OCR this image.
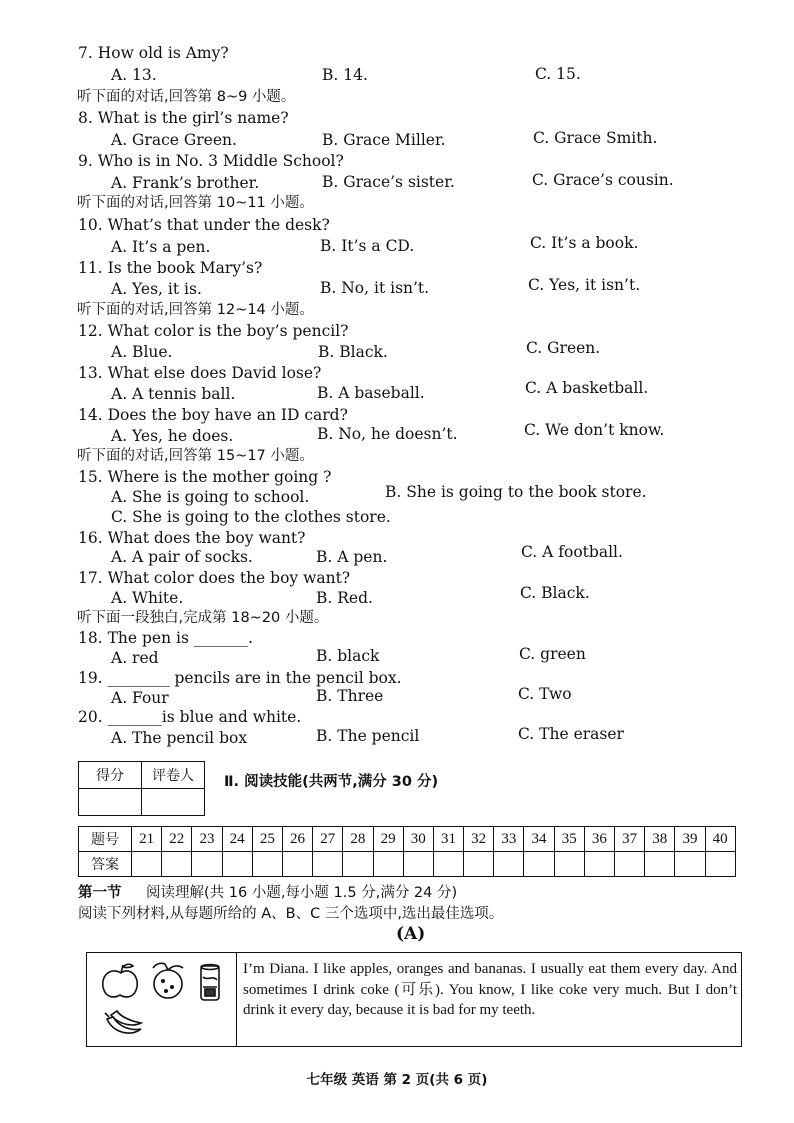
7. How old is Amy?
A. 13.	B. 14.	C. 15.
听下面的对话,回答第 8~9 小题。
8. What is the girl’s name?
A. Grace Green.	B. Grace Miller.	C. Grace Smith.
9. Who is in No. 3 Middle School?
A. Frank’s brother.	B. Grace’s sister.	C. Grace’s cousin.
听下面的对话,回答第 10~11 小题。
10. What’s that under the desk?
A. It’s a pen.	B. It’s a CD.	C. It’s a book.
11. Is the book Mary’s?
A. Yes, it is.	B. No, it isn’t.	C. Yes, it isn’t.
听下面的对话,回答第 12~14 小题。
12. What color is the boy’s pencil?
A. Blue.	B. Black.	C. Green.
13. What else does David lose?
A. A tennis ball.	B. A baseball.	C. A basketball.
14. Does the boy have an ID card?
A. Yes, he does.	B. No, he doesn’t.	C. We don’t know.
听下面的对话,回答第 15~17 小题。
15. Where is the mother going ?
A. She is going to school.	B. She is going to the book store.
C. She is going to the clothes store.
16. What does the boy want?
A. A pair of socks.	B. A pen.	C. A football.
17. What color does the boy want?
A. White.	B. Red.	C. Black.
听下面一段独白,完成第 18~20 小题。
18. The pen is _______.
A. red	B. black	C. green
19. ________ pencils are in the pencil box.
A. Four	B. Three	C. Two
20. _______is blue and white.
A. The pencil box	B. The pencil	C. The eraser
得分	评卷人
	Ⅱ. 阅读技能(共两节,满分 30 分)
题号	21	22	23	24	25	26	27	28	29	30	31	32	33	34	35	36	37	38	39	40
答案																				
第一节 阅读理解(共 16 小题,每小题 1.5 分,满分 24 分)
阅读下列材料,从每题所给的 A、B、C 三个选项中,选出最佳选项。
(A)
I’m Diana. I like apples, oranges and bananas. I usually eat them every day. And sometimes I drink coke (可乐). You know, I like coke very much. But I don’t drink it every day, because it is bad for my teeth.
七年级 英语 第 2 页(共 6 页)
